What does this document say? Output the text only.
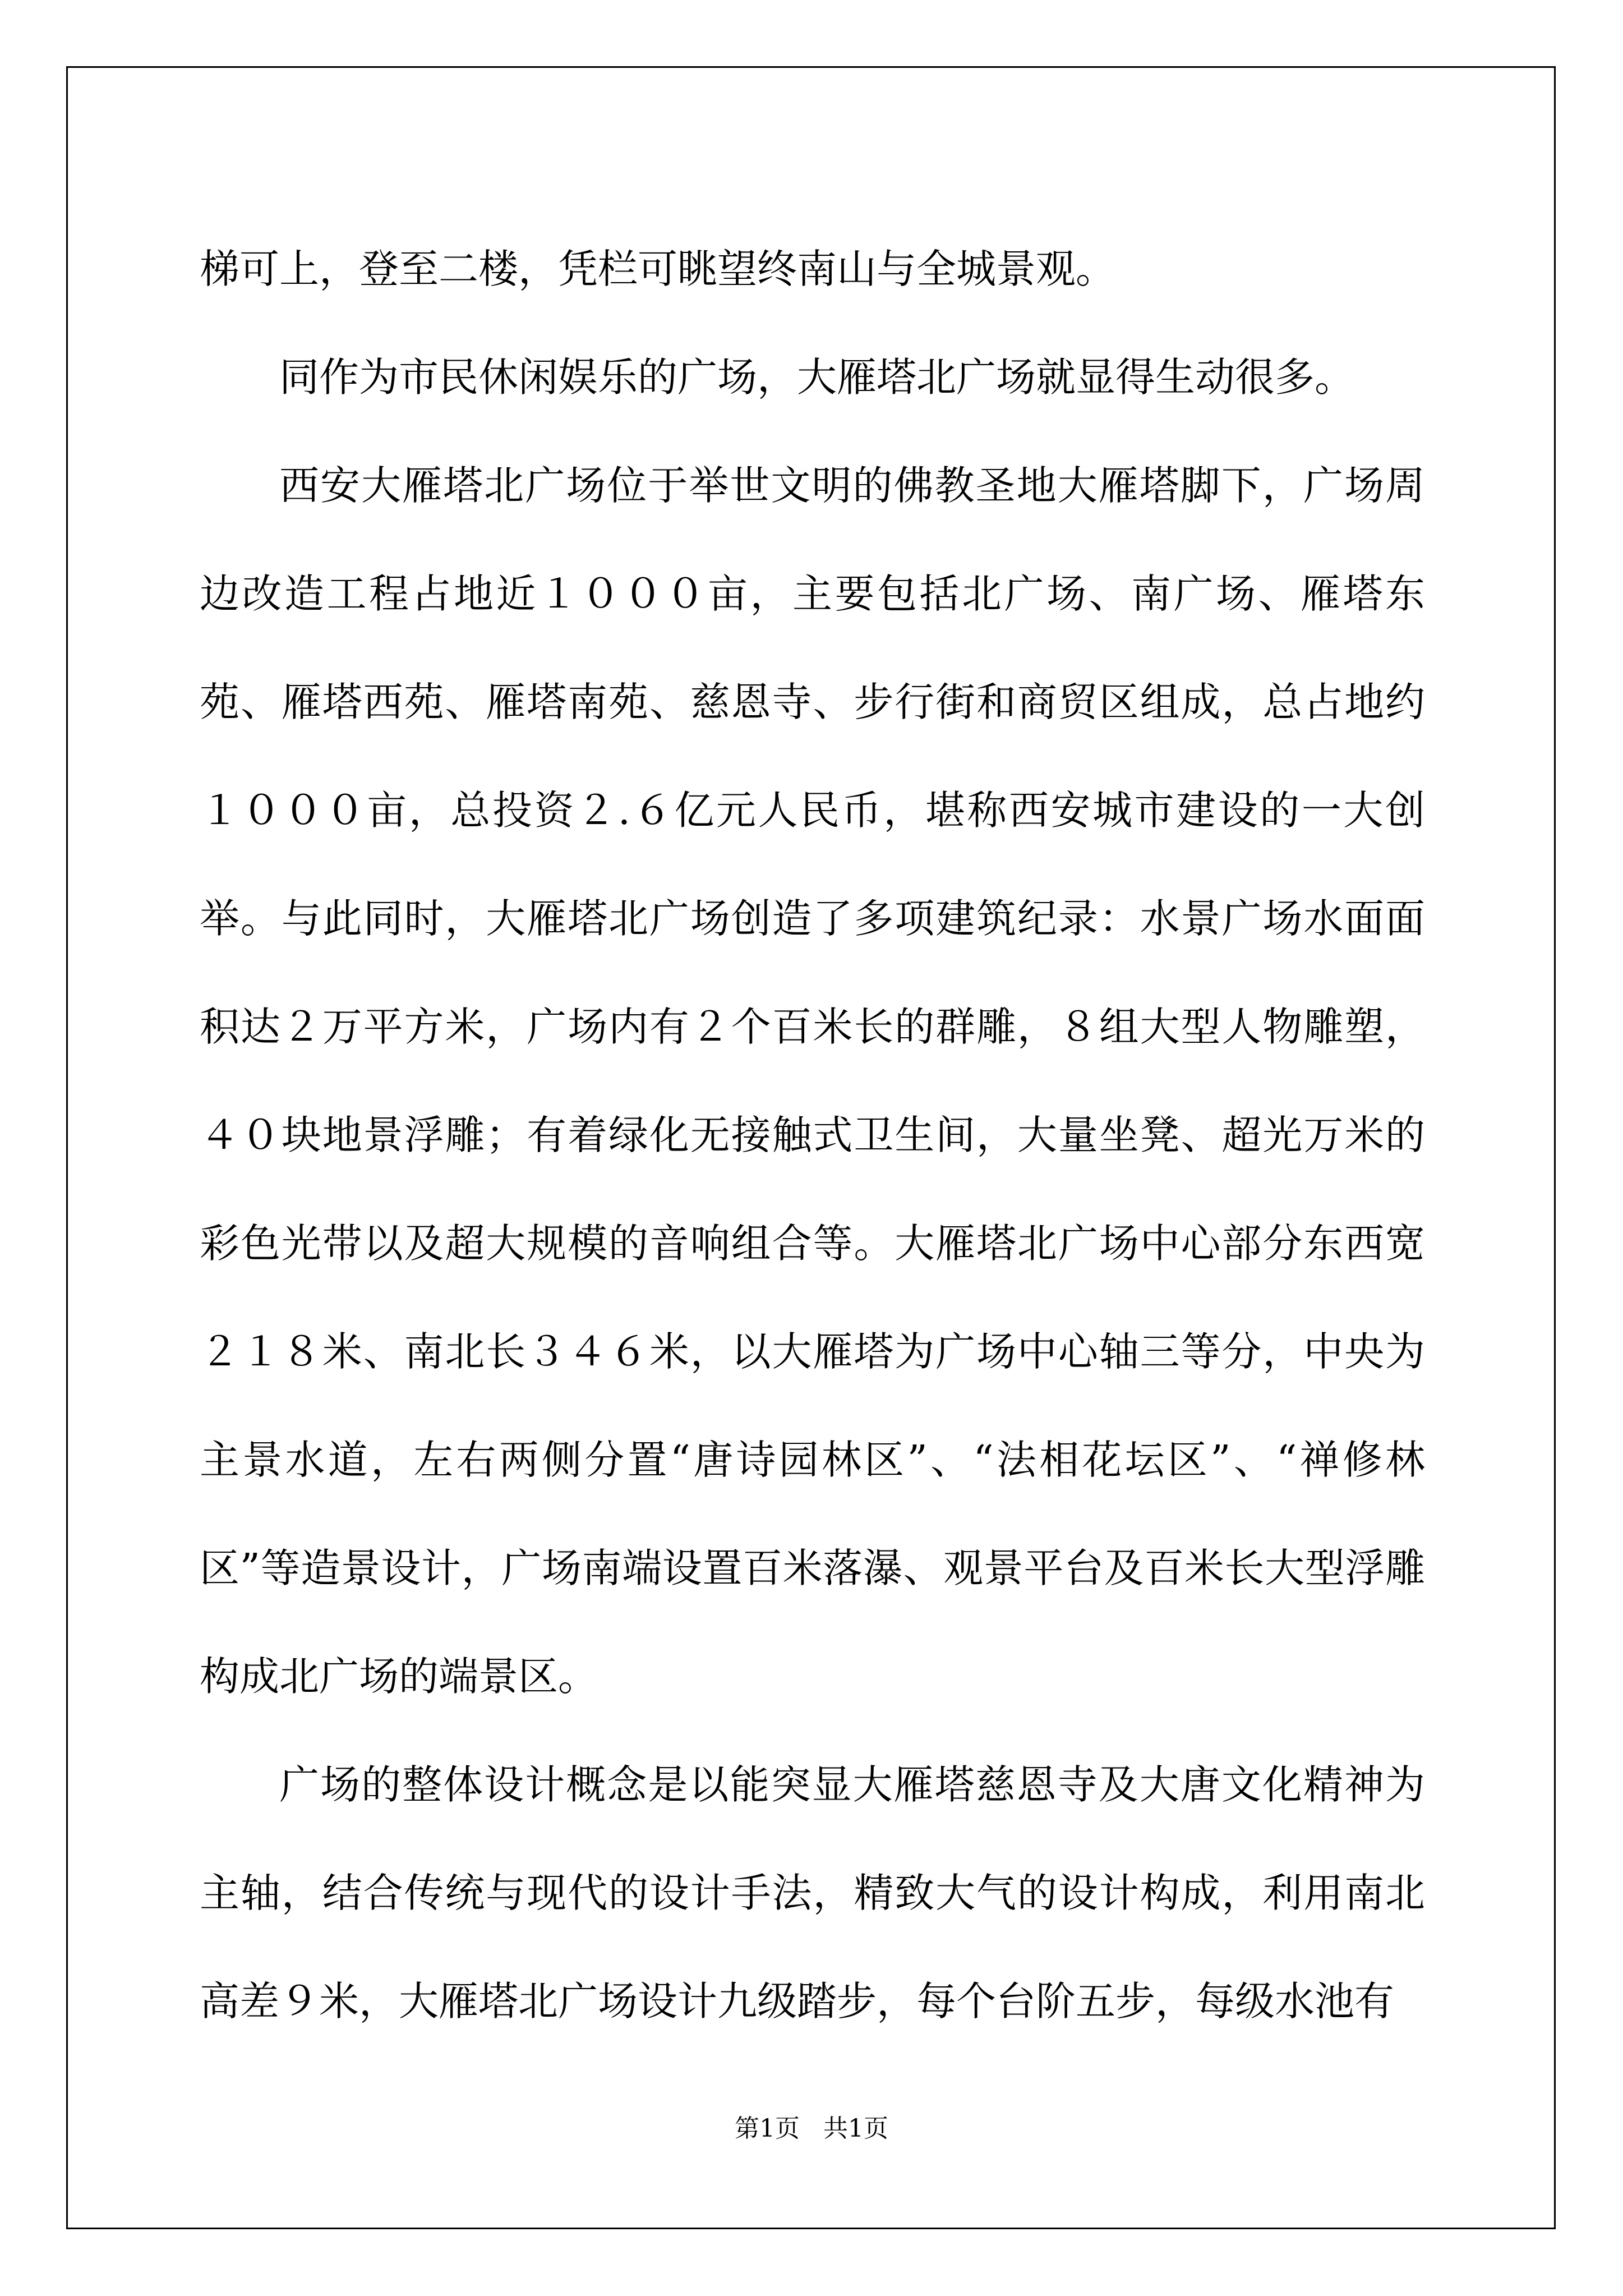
梯可上，登至二楼，凭栏可眺望终南山与全城景观。

同作为市民休闲娱乐的广场，大雁塔北广场就显得生动很多。

西安大雁塔北广场位于举世文明的佛教圣地大雁塔脚下，广场周边改造工程占地近１０００亩，主要包括北广场、南广场、雁塔东苑、雁塔西苑、雁塔南苑、慈恩寺、步行街和商贸区组成，总占地约１０００亩，总投资２.６亿元人民币，堪称西安城市建设的一大创举。与此同时，大雁塔北广场创造了多项建筑纪录：水景广场水面面积达２万平方米，广场内有２个百米长的群雕，８组大型人物雕塑，４０块地景浮雕；有着绿化无接触式卫生间，大量坐凳、超光万米的彩色光带以及超大规模的音响组合等。大雁塔北广场中心部分东西宽２１８米、南北长３４６米，以大雁塔为广场中心轴三等分，中央为主景水道，左右两侧分置“唐诗园林区”、“法相花坛区”、“禅修林区”等造景设计，广场南端设置百米落瀑、观景平台及百米长大型浮雕构成北广场的端景区。

广场的整体设计概念是以能突显大雁塔慈恩寺及大唐文化精神为主轴，结合传统与现代的设计手法，精致大气的设计构成，利用南北高差９米，大雁塔北广场设计九级踏步，每个台阶五步，每级水池有

第1页   共1页
